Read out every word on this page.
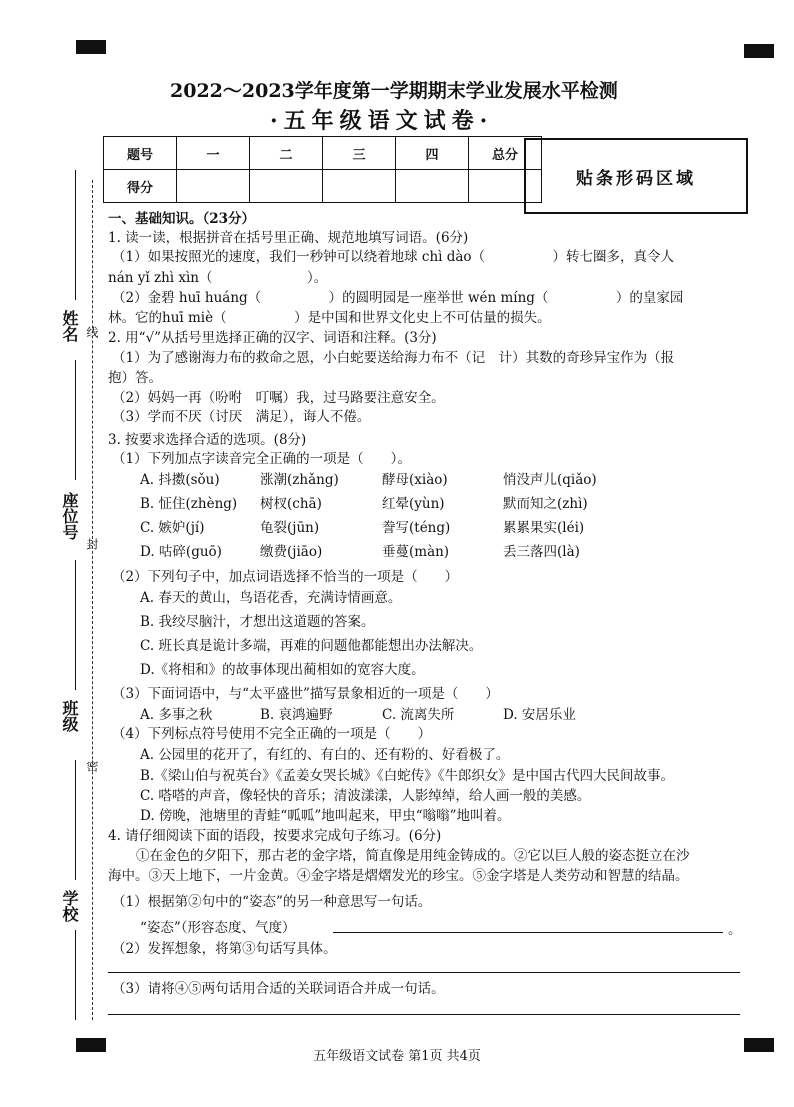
2022～2023学年度第一学期期末学业发展水平检测
·五年级语文试卷·
题号	一	二	三	四	总分
得分						贴条形码区域
姓名 线
座位号
封
班级
密
学校
一、基础知识。（23分）
1. 读一读，根据拼音在括号里正确、规范地填写词语。(6分)
（1）如果按照光的速度，我们一秒钟可以绕着地球 chì dào（　　　　　）转七圈多，真令人
nán yǐ zhì xìn（　　　　　　　）。
（2）金碧 huī huáng（　　　　　）的圆明园是一座举世 wén míng（　　　　　）的皇家园
林。它的huī miè（　　　　　）是中国和世界文化史上不可估量的损失。
2. 用“√”从括号里选择正确的汉字、词语和注释。(3分)
（1）为了感谢海力布的救命之恩，小白蛇要送给海力布不（记　计）其数的奇珍异宝作为（报
抱）答。
（2）妈妈一再（吩咐　叮嘱）我，过马路要注意安全。
（3）学而不厌（讨厌　满足），诲人不倦。
3. 按要求选择合适的选项。(8分)
（1）下列加点字读音完全正确的一项是（　　）。
A. 抖擞(sǒu)	涨潮(zhǎng)	酵母(xiào)	悄没声儿(qiǎo)
B. 怔住(zhèng) 树杈(chā)	红晕(yùn)	默而知之(zhì)
C. 嫉妒(jí)	龟裂(jūn)	誊写(téng)	累累果实(léi)
D. 咕碎(guō)	缴费(jiāo)	垂蔓(màn)	丢三落四(là)
（2）下列句子中，加点词语选择不恰当的一项是（　　）
A. 春天的黄山，鸟语花香，充满诗情画意。
B. 我绞尽脑汁，才想出这道题的答案。
C. 班长真是诡计多端，再难的问题他都能想出办法解决。
D.《将相和》的故事体现出蔺相如的宽容大度。
（3）下面词语中，与“太平盛世”描写景象相近的一项是（　　）
A. 多事之秋	B. 哀鸿遍野	C. 流离失所	D. 安居乐业
（4）下列标点符号使用不完全正确的一项是（　　）
A. 公园里的花开了，有红的、有白的、还有粉的、好看极了。
B.《梁山伯与祝英台》《孟姜女哭长城》《白蛇传》《牛郎织女》是中国古代四大民间故事。
C. 嗒嗒的声音，像轻快的音乐；清波漾漾，人影绰绰，给人画一般的美感。
D. 傍晚，池塘里的青蛙“呱呱”地叫起来，甲虫“嗡嗡”地叫着。
4. 请仔细阅读下面的语段，按要求完成句子练习。(6分)
①在金色的夕阳下，那古老的金字塔，简直像是用纯金铸成的。②它以巨人般的姿态挺立在沙
海中。③天上地下，一片金黄。④金字塔是熠熠发光的珍宝。⑤金字塔是人类劳动和智慧的结晶。
（1）根据第②句中的“姿态”的另一种意思写一句话。
“姿态”（形容态度、气度）	。
（2）发挥想象，将第③句话写具体。
（3）请将④⑤两句话用合适的关联词语合并成一句话。
五年级语文试卷 第1页 共4页
